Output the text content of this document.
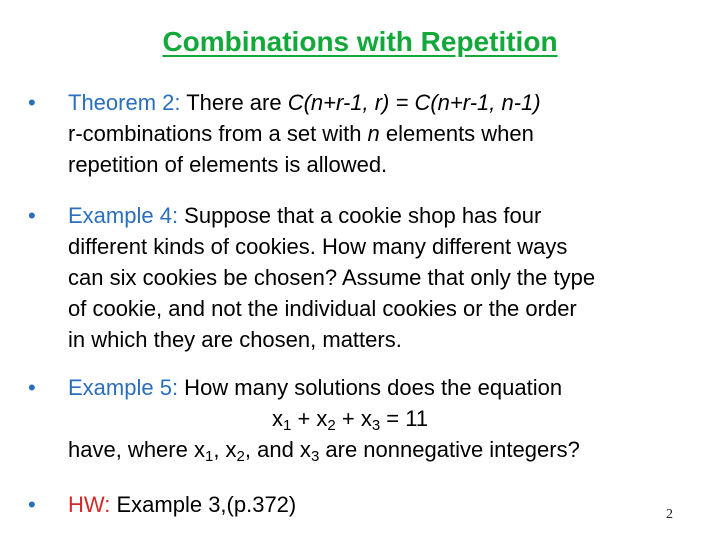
Combinations with Repetition
•	Theorem 2: There are C(n+r-1, r) = C(n+r-1, n-1)
r-combinations from a set with n elements when
repetition of elements is allowed.
•	Example 4: Suppose that a cookie shop has four
different kinds of cookies. How many different ways
can six cookies be chosen? Assume that only the type
of cookie, and not the individual cookies or the order
in which they are chosen, matters.
•	Example 5: How many solutions does the equation
$x_1 + x_2 + x_3 = 11$
have, where $x_1$, $x_2$, and $x_3$ are nonnegative integers?
•	HW: Example 3,(p.372)	2
